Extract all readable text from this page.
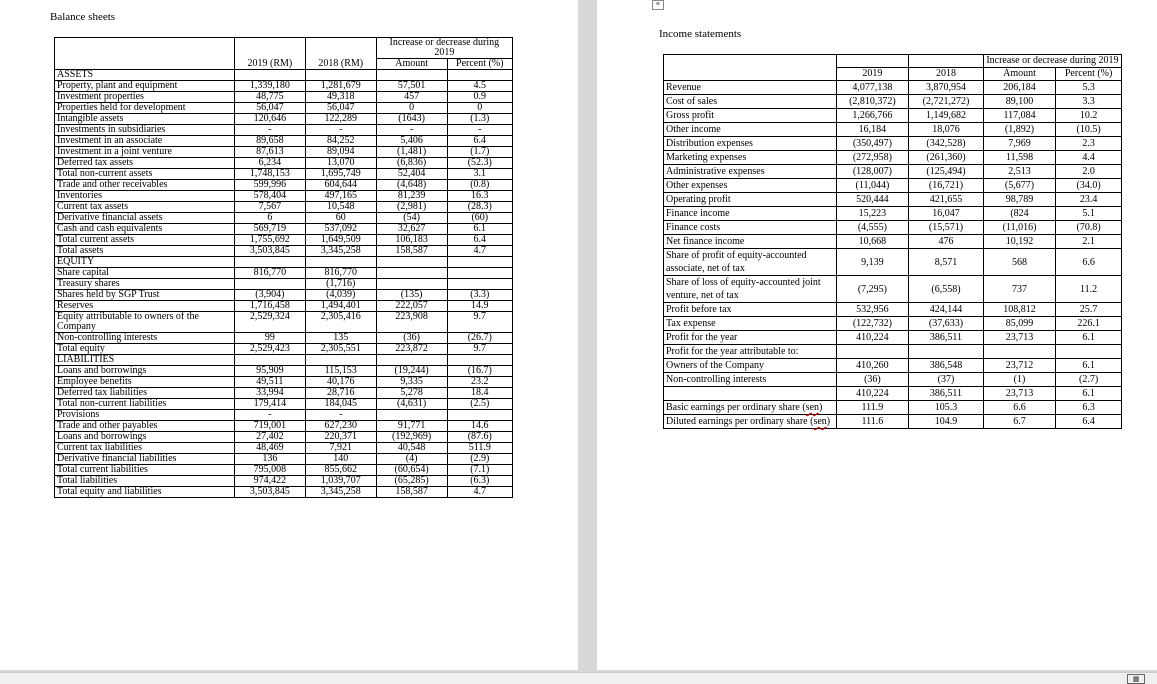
Balance sheets
	2019 (RM)	2018 (RM)	Increase or decrease during 2019	
			Amount	Percent (%)
ASSETS				
Property, plant and equipment	1,339,180	1,281,679	57,501	4.5
Investment properties	48,775	49,318	457	0.9
Properties held for development	56,047	56,047	0	0
Intangible assets	120,646	122,289	(1643)	(1.3)
Investments in subsidiaries	-	-	-	-
Investment in an associate	89,658	84,252	5,406	6.4
Investment in a joint venture	87,613	89,094	(1,481)	(1.7)
Deferred tax assets	6,234	13,070	(6,836)	(52.3)
Total non-current assets	1,748,153	1,695,749	52,404	3.1
Trade and other receivables	599,996	604,644	(4,648)	(0.8)
Inventories	578,404	497,165	81,239	16.3
Current tax assets	7,567	10,548	(2,981)	(28.3)
Derivative financial assets	6	60	(54)	(60)
Cash and cash equivalents	569,719	537,092	32,627	6.1
Total current assets	1,755,692	1,649,509	106,183	6.4
Total assets	3,503,845	3,345,258	158,587	4.7
EQUITY				
Share capital	816,770	816,770		
Treasury shares		(1,716)		
Shares held by SGP Trust	(3,904)	(4,039)	(135)	(3.3)
Reserves	1,716,458	1,494,401	222,057	14.9
Equity attributable to owners of the Company	2,529,324	2,305,416	223,908	9.7
Non-controlling interests	99	135	(36)	(26.7)
Total equity	2,529,423	2,305,551	223,872	9.7
LIABILITIES				
Loans and borrowings	95,909	115,153	(19,244)	(16.7)
Employee benefits	49,511	40,176	9,335	23.2
Deferred tax liabilities	33,994	28,716	5,278	18.4
Total non-current liabilities	179,414	184,045	(4,631)	(2.5)
Provisions	-	-		
Trade and other payables	719,001	627,230	91,771	14.6
Loans and borrowings	27,402	220,371	(192,969)	(87.6)
Current tax liabilities	48,469	7,921	40,548	511.9
Derivative financial liabilities	136	140	(4)	(2.9)
Total current liabilities	795,008	855,662	(60,654)	(7.1)
Total liabilities	974,422	1,039,707	(65,285)	(6.3)
Total equity and liabilities	3,503,845	3,345,258	158,587	4.7
Income statements
			Increase or decrease during 2019	
	2019	2018	Amount	Percent (%)
Revenue	4,077,138	3,870,954	206,184	5.3
Cost of sales	(2,810,372)	(2,721,272)	89,100	3.3
Gross profit	1,266,766	1,149,682	117,084	10.2
Other income	16,184	18,076	(1,892)	(10.5)
Distribution expenses	(350,497)	(342,528)	7,969	2.3
Marketing expenses	(272,958)	(261,360)	11,598	4.4
Administrative expenses	(128,007)	(125,494)	2,513	2.0
Other expenses	(11,044)	(16,721)	(5,677)	(34.0)
Operating profit	520,444	421,655	98,789	23.4
Finance income	15,223	16,047	(824	5.1
Finance costs	(4,555)	(15,571)	(11,016)	(70.8)
Net finance income	10,668	476	10,192	2.1
Share of profit of equity-accounted associate, net of tax	9,139	8,571	568	6.6
Share of loss of equity-accounted joint venture, net of tax	(7,295)	(6,558)	737	11.2
Profit before tax	532,956	424,144	108,812	25.7
Tax expense	(122,732)	(37,633)	85,099	226.1
Profit for the year	410,224	386,511	23,713	6.1
Profit for the year attributable to:				
Owners of the Company	410,260	386,548	23,712	6.1
Non-controlling interests	(36)	(37)	(1)	(2.7)
	410,224	386,511	23,713	6.1
Basic earnings per ordinary share (sen)	111.9	105.3	6.6	6.3
Diluted earnings per ordinary share (sen)	111.6	104.9	6.7	6.4
≡
▦
